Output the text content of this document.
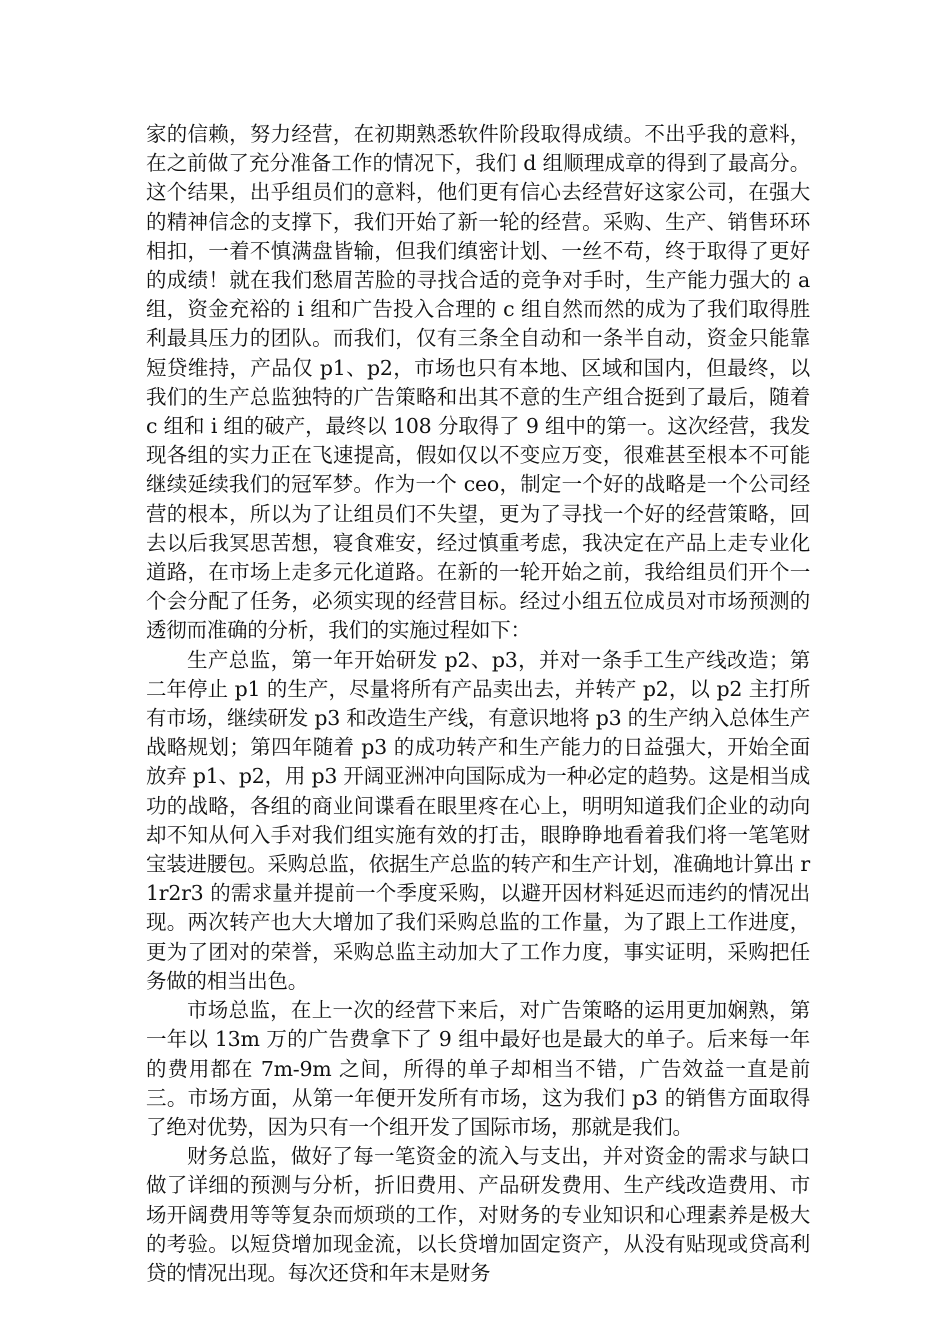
家的信赖，努力经营，在初期熟悉软件阶段取得成绩。不出乎我的意料，在之前做了充分准备工作的情况下，我们 d 组顺理成章的得到了最高分。这个结果，出乎组员们的意料，他们更有信心去经营好这家公司，在强大的精神信念的支撑下，我们开始了新一轮的经营。采购、生产、销售环环相扣，一着不慎满盘皆输，但我们缜密计划、一丝不苟，终于取得了更好的成绩！就在我们愁眉苦脸的寻找合适的竞争对手时，生产能力强大的 a 组，资金充裕的 i 组和广告投入合理的 c 组自然而然的成为了我们取得胜利最具压力的团队。而我们，仅有三条全自动和一条半自动，资金只能靠短贷维持，产品仅 p1、p2，市场也只有本地、区域和国内，但最终，以我们的生产总监独特的广告策略和出其不意的生产组合挺到了最后，随着 c 组和 i 组的破产，最终以 108 分取得了 9 组中的第一。这次经营，我发现各组的实力正在飞速提高，假如仅以不变应万变，很难甚至根本不可能继续延续我们的冠军梦。作为一个 ceo，制定一个好的战略是一个公司经营的根本，所以为了让组员们不失望，更为了寻找一个好的经营策略，回去以后我冥思苦想，寝食难安，经过慎重考虑，我决定在产品上走专业化道路，在市场上走多元化道路。在新的一轮开始之前，我给组员们开个一个会分配了任务，必须实现的经营目标。经过小组五位成员对市场预测的透彻而准确的分析，我们的实施过程如下：

生产总监，第一年开始研发 p2、p3，并对一条手工生产线改造；第二年停止 p1 的生产，尽量将所有产品卖出去，并转产 p2，以 p2 主打所有市场，继续研发 p3 和改造生产线，有意识地将 p3 的生产纳入总体生产战略规划；第四年随着 p3 的成功转产和生产能力的日益强大，开始全面放弃 p1、p2，用 p3 开阔亚洲冲向国际成为一种必定的趋势。这是相当成功的战略，各组的商业间谍看在眼里疼在心上，明明知道我们企业的动向却不知从何入手对我们组实施有效的打击，眼睁睁地看着我们将一笔笔财宝装进腰包。采购总监，依据生产总监的转产和生产计划，准确地计算出 r1r2r3 的需求量并提前一个季度采购，以避开因材料延迟而违约的情况出现。两次转产也大大增加了我们采购总监的工作量，为了跟上工作进度，更为了团对的荣誉，采购总监主动加大了工作力度，事实证明，采购把任务做的相当出色。

市场总监，在上一次的经营下来后，对广告策略的运用更加娴熟，第一年以 13m 万的广告费拿下了 9 组中最好也是最大的单子。后来每一年的费用都在 7m-9m 之间，所得的单子却相当不错，广告效益一直是前三。市场方面，从第一年便开发所有市场，这为我们 p3 的销售方面取得了绝对优势，因为只有一个组开发了国际市场，那就是我们。

财务总监，做好了每一笔资金的流入与支出，并对资金的需求与缺口做了详细的预测与分析，折旧费用、产品研发费用、生产线改造费用、市场开阔费用等等复杂而烦琐的工作，对财务的专业知识和心理素养是极大的考验。以短贷增加现金流，以长贷增加固定资产，从没有贴现或贷高利贷的情况出现。每次还贷和年末是财务
